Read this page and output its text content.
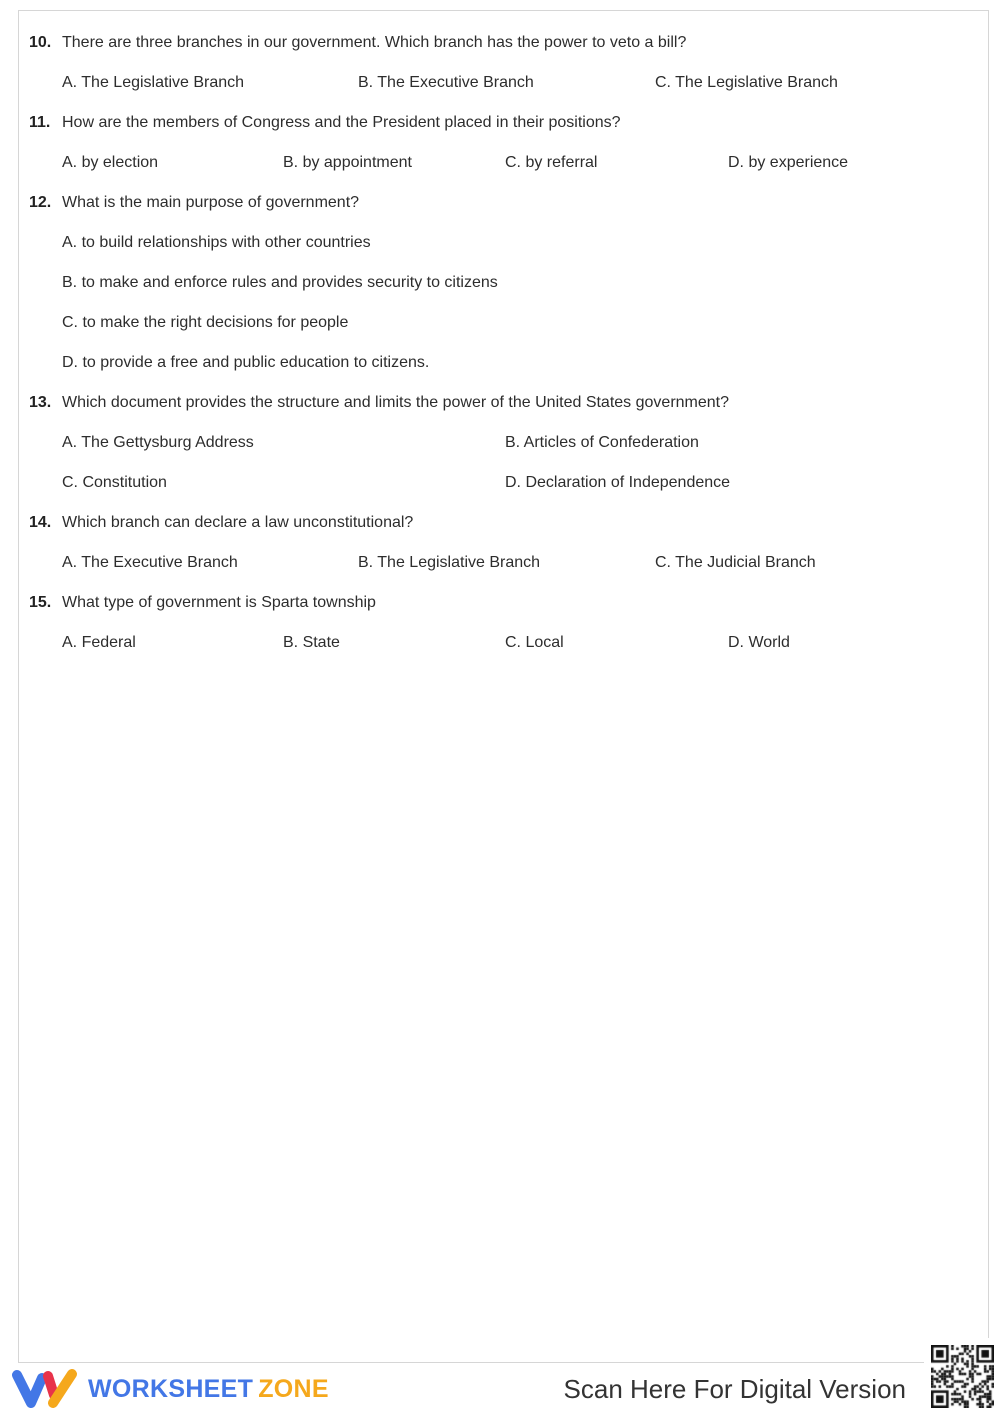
10. There are three branches in our government. Which branch has the power to veto a bill?
A. The Legislative Branch	B. The Executive Branch	C. The Legislative Branch
11. How are the members of Congress and the President placed in their positions?
A. by election	B. by appointment	C. by referral	D. by experience
12. What is the main purpose of government?
A. to build relationships with other countries
B. to make and enforce rules and provides security to citizens
C. to make the right decisions for people
D. to provide a free and public education to citizens.
13. Which document provides the structure and limits the power of the United States government?
A. The Gettysburg Address	B. Articles of Confederation
C. Constitution	D. Declaration of Independence
14. Which branch can declare a law unconstitutional?
A. The Executive Branch	B. The Legislative Branch	C. The Judicial Branch
15. What type of government is Sparta township
A. Federal	B. State	C. Local	D. World
WORKSHEET ZONE	Scan Here For Digital Version
